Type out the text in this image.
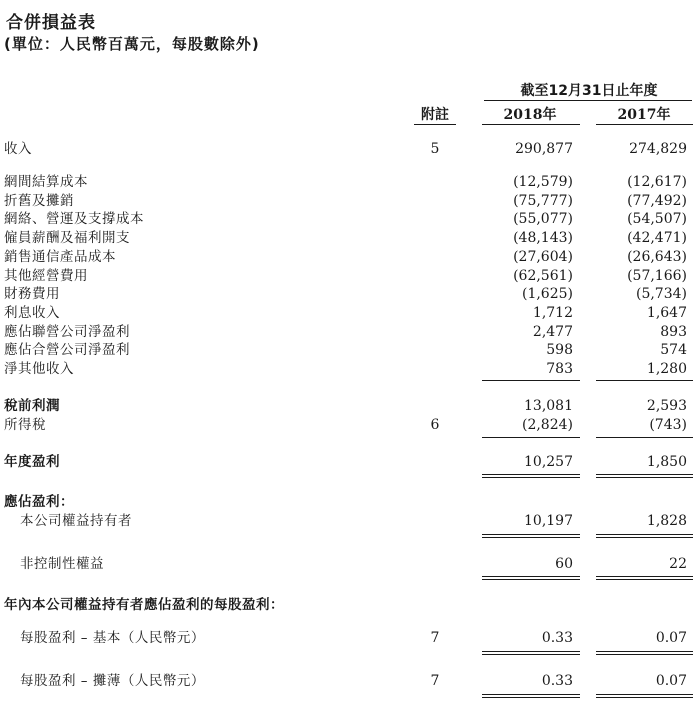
合併損益表
(單位：人民幣百萬元，每股數除外)
截至12月31日止年度
附註	2018年	2017年
收入	5	290,877	274,829
網間結算成本	(12,579)	(12,617)
折舊及攤銷	(75,777)	(77,492)
網絡、營運及支撐成本	(55,077)	(54,507)
僱員薪酬及福利開支	(48,143)	(42,471)
銷售通信產品成本	(27,604)	(26,643)
其他經營費用	(62,561)	(57,166)
財務費用	(1,625)	(5,734)
利息收入	1,712	1,647
應佔聯營公司淨盈利	2,477	893
應佔合營公司淨盈利	598	574
淨其他收入	783	1,280
稅前利潤	13,081	2,593
所得稅	6	(2,824)	(743)
年度盈利	10,257	1,850
應佔盈利：
本公司權益持有者	10,197	1,828
非控制性權益	60	22
年內本公司權益持有者應佔盈利的每股盈利：
每股盈利 – 基本（人民幣元）	7	0.33	0.07
每股盈利 – 攤薄（人民幣元）	7	0.33	0.07
